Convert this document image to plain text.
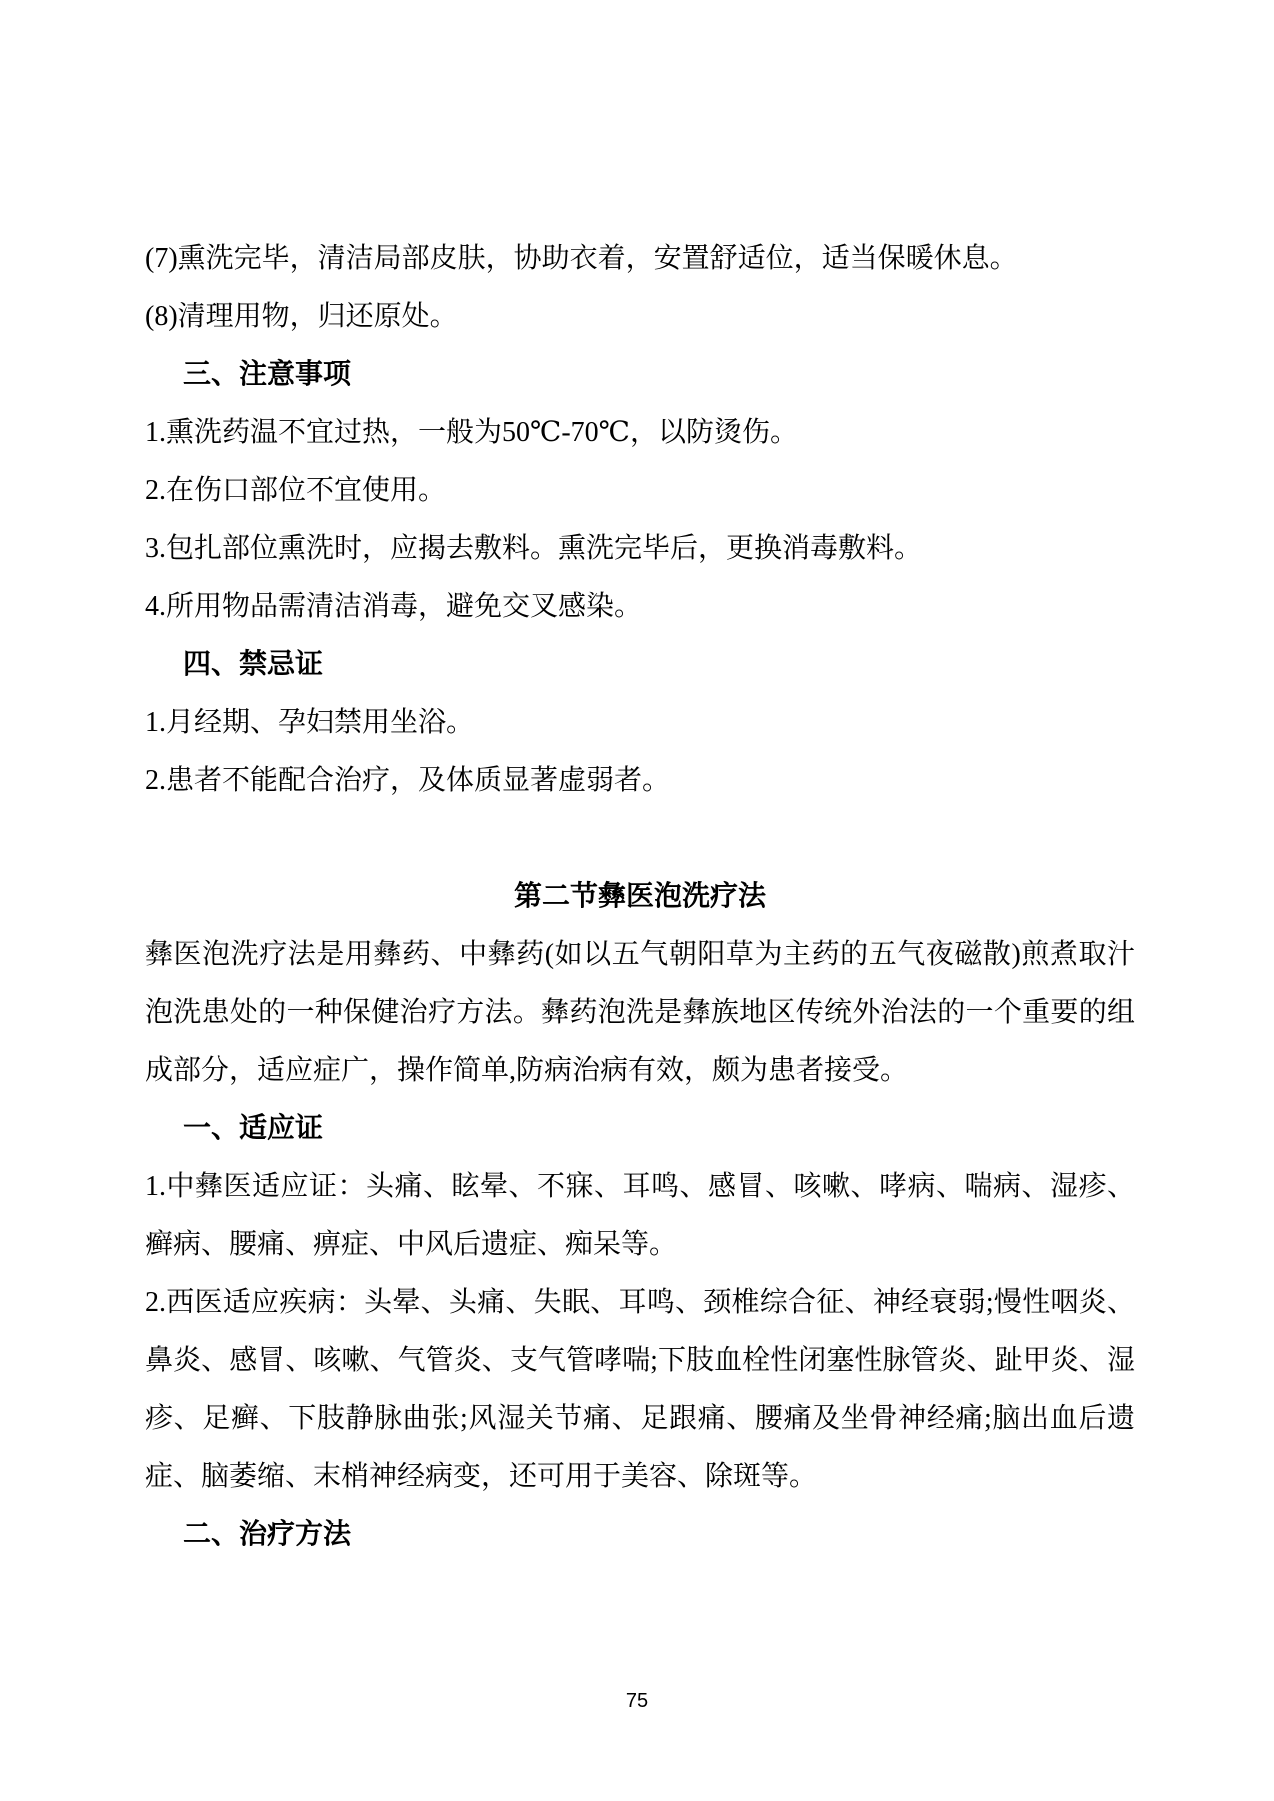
(7)熏洗完毕，清洁局部皮肤，协助衣着，安置舒适位，适当保暖休息。

(8)清理用物，归还原处。

三、注意事项

1.熏洗药温不宜过热，一般为50℃-70℃，以防烫伤。

2.在伤口部位不宜使用。

3.包扎部位熏洗时，应揭去敷料。熏洗完毕后，更换消毒敷料。

4.所用物品需清洁消毒，避免交叉感染。

四、禁忌证

1.月经期、孕妇禁用坐浴。

2.患者不能配合治疗，及体质显著虚弱者。

第二节彝医泡洗疗法

彝医泡洗疗法是用彝药、中彝药(如以五气朝阳草为主药的五气夜磁散)煎煮取汁泡洗患处的一种保健治疗方法。彝药泡洗是彝族地区传统外治法的一个重要的组成部分，适应症广，操作简单,防病治病有效，颇为患者接受。

一、适应证

1.中彝医适应证：头痛、眩晕、不寐、耳鸣、感冒、咳嗽、哮病、喘病、湿疹、癣病、腰痛、痹症、中风后遗症、痴呆等。

2.西医适应疾病：头晕、头痛、失眠、耳鸣、颈椎综合征、神经衰弱;慢性咽炎、鼻炎、感冒、咳嗽、气管炎、支气管哮喘;下肢血栓性闭塞性脉管炎、趾甲炎、湿疹、足癣、下肢静脉曲张;风湿关节痛、足跟痛、腰痛及坐骨神经痛;脑出血后遗症、脑萎缩、末梢神经病变，还可用于美容、除斑等。

二、治疗方法

75
